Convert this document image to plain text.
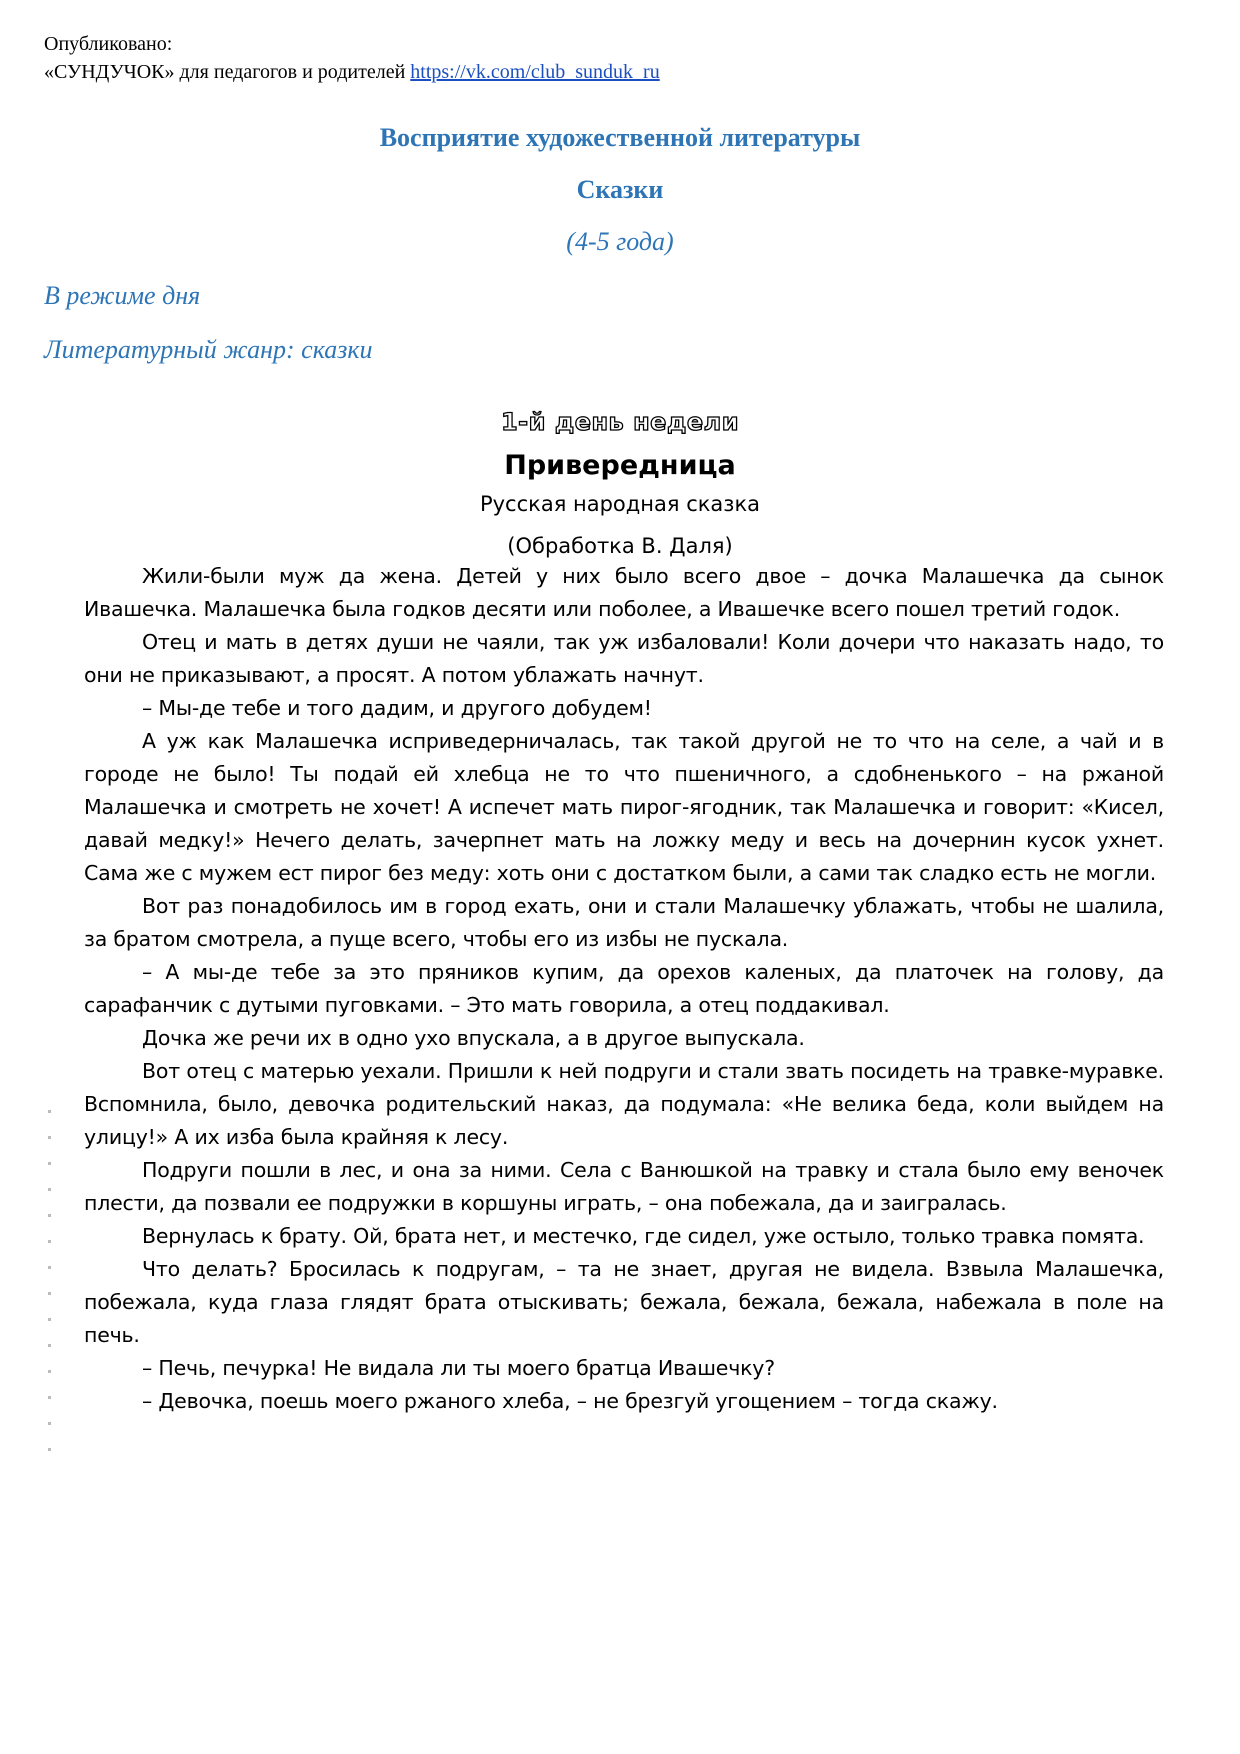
Опубликовано:
«СУНДУЧОК» для педагогов и родителей https://vk.com/club_sunduk_ru
Восприятие художественной литературы
Сказки
(4-5 года)
В режиме дня
Литературный жанр: сказки
1-й день недели
Привередница
Русская народная сказка
(Обработка В. Даля)

Жили-были муж да жена. Детей у них было всего двое – дочка Малашечка да сынок Ивашечка. Малашечка была годков десяти или поболее, а Ивашечке всего пошел третий годок.

Отец и мать в детях души не чаяли, так уж избаловали! Коли дочери что наказать надо, то они не приказывают, а просят. А потом ублажать начнут.

– Мы-де тебе и того дадим, и другого добудем!

А уж как Малашечка исприведерничалась, так такой другой не то что на селе, а чай и в городе не было! Ты подай ей хлебца не то что пшеничного, а сдобненького – на ржаной Малашечка и смотреть не хочет! А испечет мать пирог-ягодник, так Малашечка и говорит: «Кисел, давай медку!» Нечего делать, зачерпнет мать на ложку меду и весь на дочернин кусок ухнет. Сама же с мужем ест пирог без меду: хоть они с достатком были, а сами так сладко есть не могли.

Вот раз понадобилось им в город ехать, они и стали Малашечку ублажать, чтобы не шалила, за братом смотрела, а пуще всего, чтобы его из избы не пускала.

– А мы-де тебе за это пряников купим, да орехов каленых, да платочек на голову, да сарафанчик с дутыми пуговками. – Это мать говорила, а отец поддакивал.

Дочка же речи их в одно ухо впускала, а в другое выпускала.

Вот отец с матерью уехали. Пришли к ней подруги и стали звать посидеть на травке-муравке. Вспомнила, было, девочка родительский наказ, да подумала: «Не велика беда, коли выйдем на улицу!» А их изба была крайняя к лесу.

Подруги пошли в лес, и она за ними. Села с Ванюшкой на травку и стала было ему веночек плести, да позвали ее подружки в коршуны играть, – она побежала, да и заигралась.

Вернулась к брату. Ой, брата нет, и местечко, где сидел, уже остыло, только травка помята.

Что делать? Бросилась к подругам, – та не знает, другая не видела. Взвыла Малашечка, побежала, куда глаза глядят брата отыскивать; бежала, бежала, бежала, набежала в поле на печь.

– Печь, печурка! Не видала ли ты моего братца Ивашечку?

– Девочка, поешь моего ржаного хлеба, – не брезгуй угощением – тогда скажу.
